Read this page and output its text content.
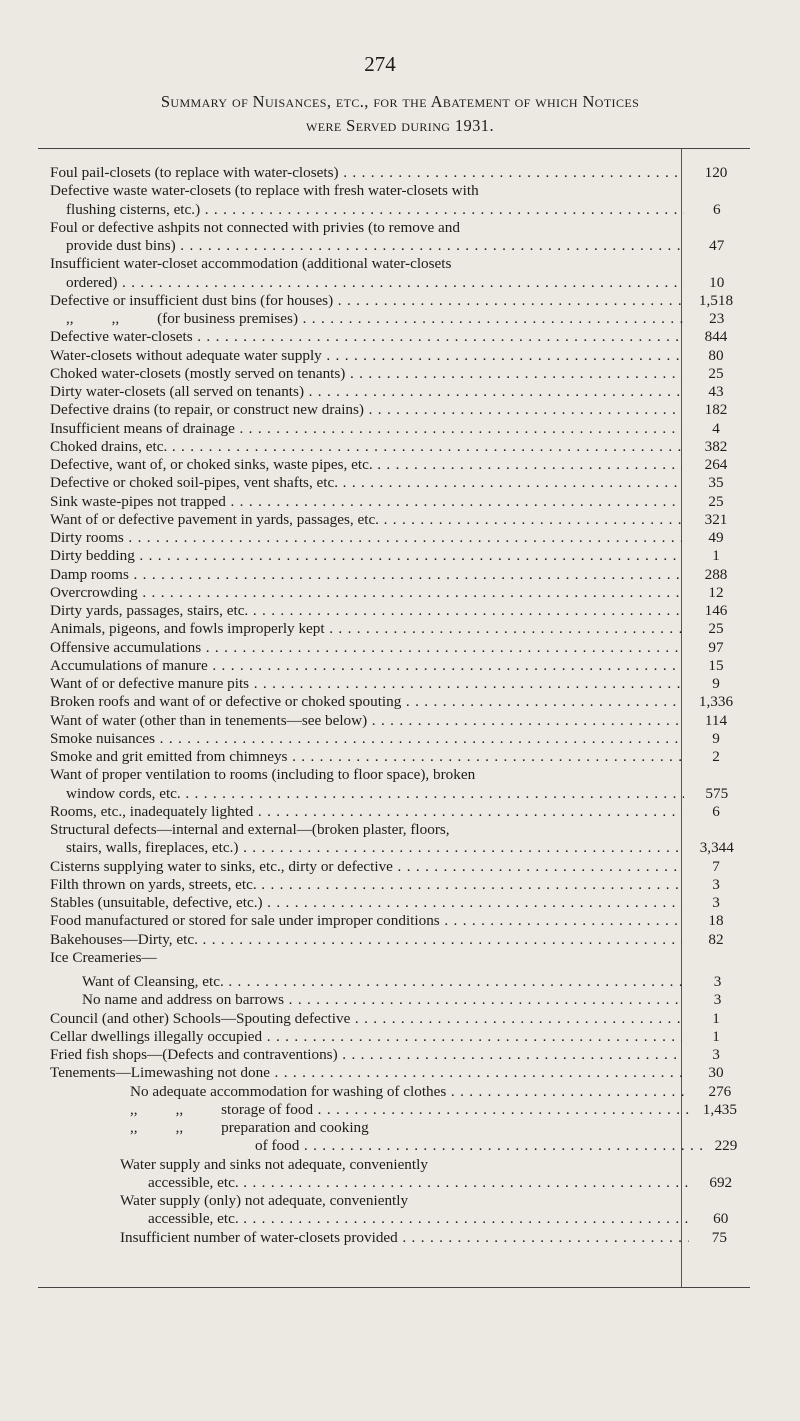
274
Summary of Nuisances, etc., for the Abatement of which Notices
were Served during 1931.
Foul pail-closets (to replace with water-closets) . . .	120
Defective waste water-closets (to replace with fresh water-closets with
flushing cisterns, etc.) . . .	6
Foul or defective ashpits not connected with privies (to remove and
provide dust bins) . . .	47
Insufficient water-closet accommodation (additional water-closets
ordered) . . .	10
Defective or insufficient dust bins (for houses) . . .	1,518
,,          ,,          (for business premises) . . .	23
Defective water-closets . . .	844
Water-closets without adequate water supply . . .	80
Choked water-closets (mostly served on tenants) . . .	25
Dirty water-closets (all served on tenants) . . .	43
Defective drains (to repair, or construct new drains) . . .	182
Insufficient means of drainage . . .	4
Choked drains, etc. . . .	382
Defective, want of, or choked sinks, waste pipes, etc. . . .	264
Defective or choked soil-pipes, vent shafts, etc. . . .	35
Sink waste-pipes not trapped . . .	25
Want of or defective pavement in yards, passages, etc. . . .	321
Dirty rooms . . .	49
Dirty bedding . . .	1
Damp rooms . . .	288
Overcrowding . . .	12
Dirty yards, passages, stairs, etc. . . .	146
Animals, pigeons, and fowls improperly kept . . .	25
Offensive accumulations . . .	97
Accumulations of manure . . .	15
Want of or defective manure pits . . .	9
Broken roofs and want of or defective or choked spouting . . .	1,336
Want of water (other than in tenements—see below) . . .	114
Smoke nuisances . . .	9
Smoke and grit emitted from chimneys . . .	2
Want of proper ventilation to rooms (including to floor space), broken
window cords, etc. . . .	575
Rooms, etc., inadequately lighted . . .	6
Structural defects—internal and external—(broken plaster, floors,
stairs, walls, fireplaces, etc.) . . .	3,344
Cisterns supplying water to sinks, etc., dirty or defective . . .	7
Filth thrown on yards, streets, etc. . . .	3
Stables (unsuitable, defective, etc.) . . .	3
Food manufactured or stored for sale under improper conditions . . .	18
Bakehouses—Dirty, etc. . . .	82
Ice Creameries—
Want of Cleansing, etc. . . .	3
No name and address on barrows . . .	3
Council (and other) Schools—Spouting defective . . .	1
Cellar dwellings illegally occupied . . .	1
Fried fish shops—(Defects and contraventions) . . .	3
Tenements—Limewashing not done . . .	30
No adequate accommodation for washing of clothes . . .	276
,,          ,,          storage of food . . .	1,435
,,          ,,          preparation and cooking
of food . . .	229
Water supply and sinks not adequate, conveniently
accessible, etc. . . .	692
Water supply (only) not adequate, conveniently
accessible, etc. . . .	60
Insufficient number of water-closets provided . . .	75
